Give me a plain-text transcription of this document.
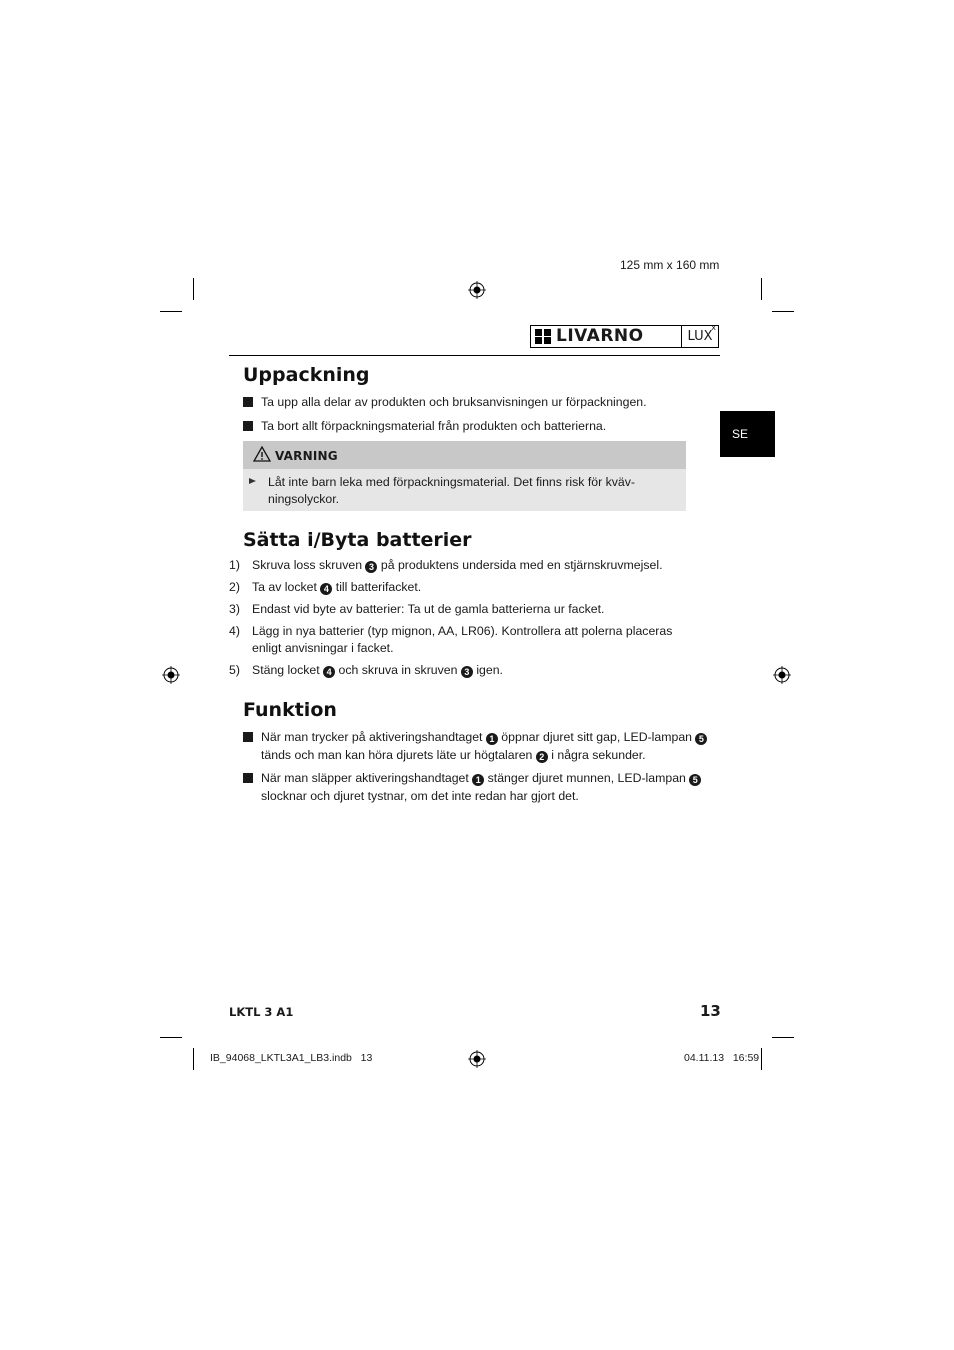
125 mm x 160 mm
LIVARNO	LUX
x
SE
Uppackning
Ta upp alla delar av produkten och bruksanvisningen ur förpackningen.
Ta bort allt förpackningsmaterial från produkten och batterierna.
VARNING
Låt inte barn leka med förpackningsmaterial. Det finns risk för kväv-
ningsolyckor.
Sätta i/Byta batterier
1) Skruva loss skruven 3 på produktens undersida med en stjärnskruvmejsel.
2) Ta av locket 4 till batterifacket.
3) Endast vid byte av batterier: Ta ut de gamla batterierna ur facket.
4) Lägg in nya batterier (typ mignon, AA, LR06). Kontrollera att polerna placeras
enligt anvisningar i facket.
5) Stäng locket 4 och skruva in skruven 3 igen.
Funktion
När man trycker på aktiveringshandtaget 1 öppnar djuret sitt gap, LED-lampan 5
tänds och man kan höra djurets läte ur högtalaren 2 i några sekunder.
När man släpper aktiveringshandtaget 1 stänger djuret munnen, LED-lampan 5
slocknar och djuret tystnar, om det inte redan har gjort det.
LKTL 3 A1	13
IB_94068_LKTL3A1_LB3.indb   13	04.11.13   16:59
